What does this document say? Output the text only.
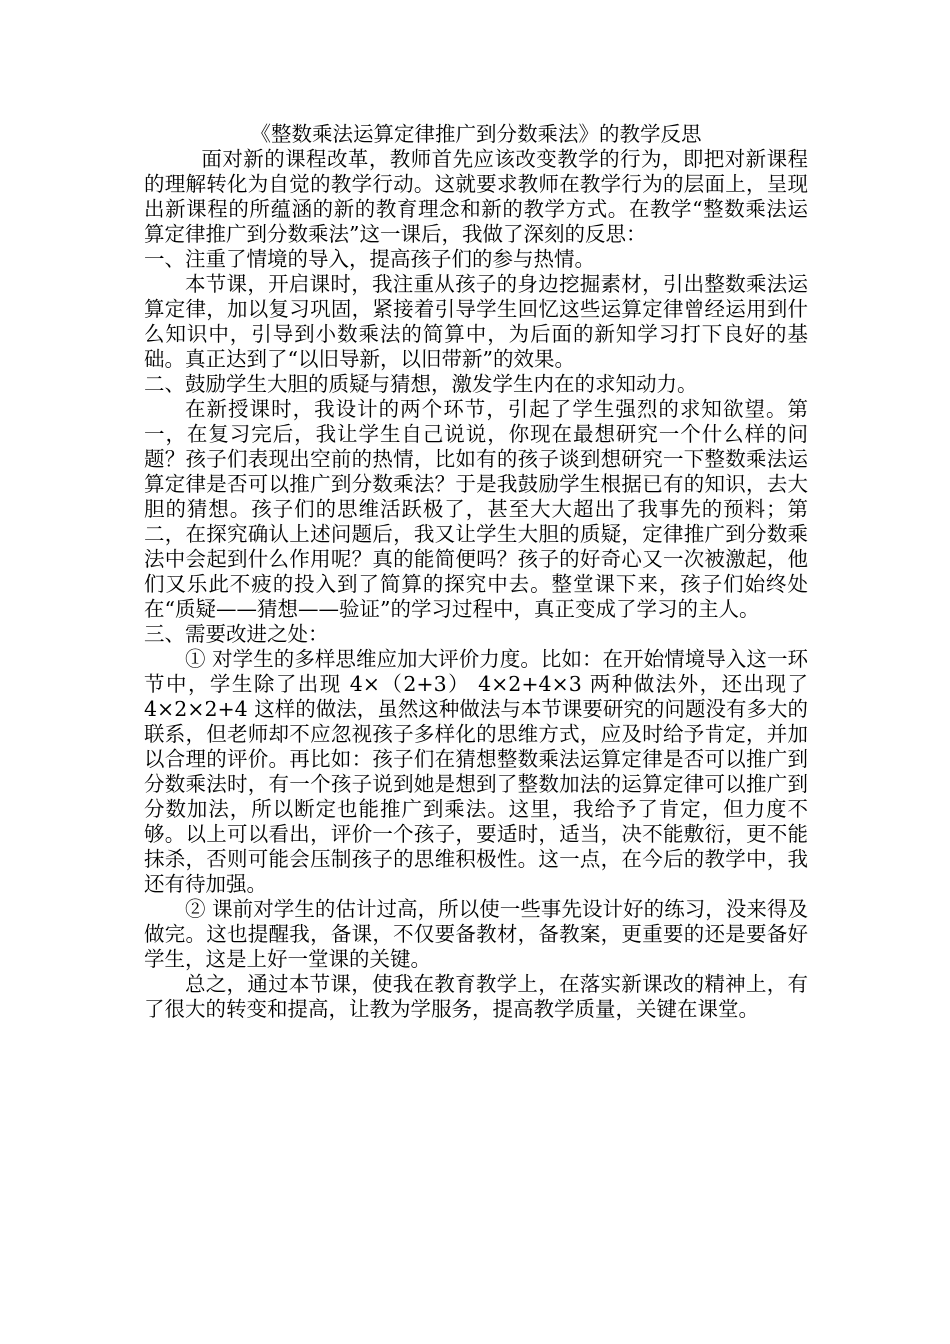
《整数乘法运算定律推广到分数乘法》的教学反思

面对新的课程改革，教师首先应该改变教学的行为，即把对新课程的理解转化为自觉的教学行动。这就要求教师在教学行为的层面上，呈现出新课程的所蕴涵的新的教育理念和新的教学方式。在教学“整数乘法运算定律推广到分数乘法”这一课后，我做了深刻的反思：

一、注重了情境的导入，提高孩子们的参与热情。

本节课，开启课时，我注重从孩子的身边挖掘素材，引出整数乘法运算定律，加以复习巩固，紧接着引导学生回忆这些运算定律曾经运用到什么知识中，引导到小数乘法的简算中，为后面的新知学习打下良好的基础。真正达到了“以旧导新，以旧带新”的效果。

二、鼓励学生大胆的质疑与猜想，激发学生内在的求知动力。

在新授课时，我设计的两个环节，引起了学生强烈的求知欲望。第一，在复习完后，我让学生自己说说，你现在最想研究一个什么样的问题？孩子们表现出空前的热情，比如有的孩子谈到想研究一下整数乘法运算定律是否可以推广到分数乘法？于是我鼓励学生根据已有的知识，去大胆的猜想。孩子们的思维活跃极了，甚至大大超出了我事先的预料；第二，在探究确认上述问题后，我又让学生大胆的质疑，定律推广到分数乘法中会起到什么作用呢？真的能简便吗？孩子的好奇心又一次被激起，他们又乐此不疲的投入到了简算的探究中去。整堂课下来，孩子们始终处在“质疑——猜想——验证”的学习过程中，真正变成了学习的主人。

三、需要改进之处：

① 对学生的多样思维应加大评价力度。比如：在开始情境导入这一环节中，学生除了出现 4×（2+3） 4×2+4×3 两种做法外，还出现了4×2×2+4 这样的做法，虽然这种做法与本节课要研究的问题没有多大的联系，但老师却不应忽视孩子多样化的思维方式，应及时给予肯定，并加以合理的评价。再比如：孩子们在猜想整数乘法运算定律是否可以推广到分数乘法时，有一个孩子说到她是想到了整数加法的运算定律可以推广到分数加法，所以断定也能推广到乘法。这里，我给予了肯定，但力度不够。以上可以看出，评价一个孩子，要适时，适当，决不能敷衍，更不能抹杀，否则可能会压制孩子的思维积极性。这一点，在今后的教学中，我还有待加强。

② 课前对学生的估计过高，所以使一些事先设计好的练习，没来得及做完。这也提醒我，备课，不仅要备教材，备教案，更重要的还是要备好学生，这是上好一堂课的关键。

总之，通过本节课，使我在教育教学上，在落实新课改的精神上，有了很大的转变和提高，让教为学服务，提高教学质量，关键在课堂。
